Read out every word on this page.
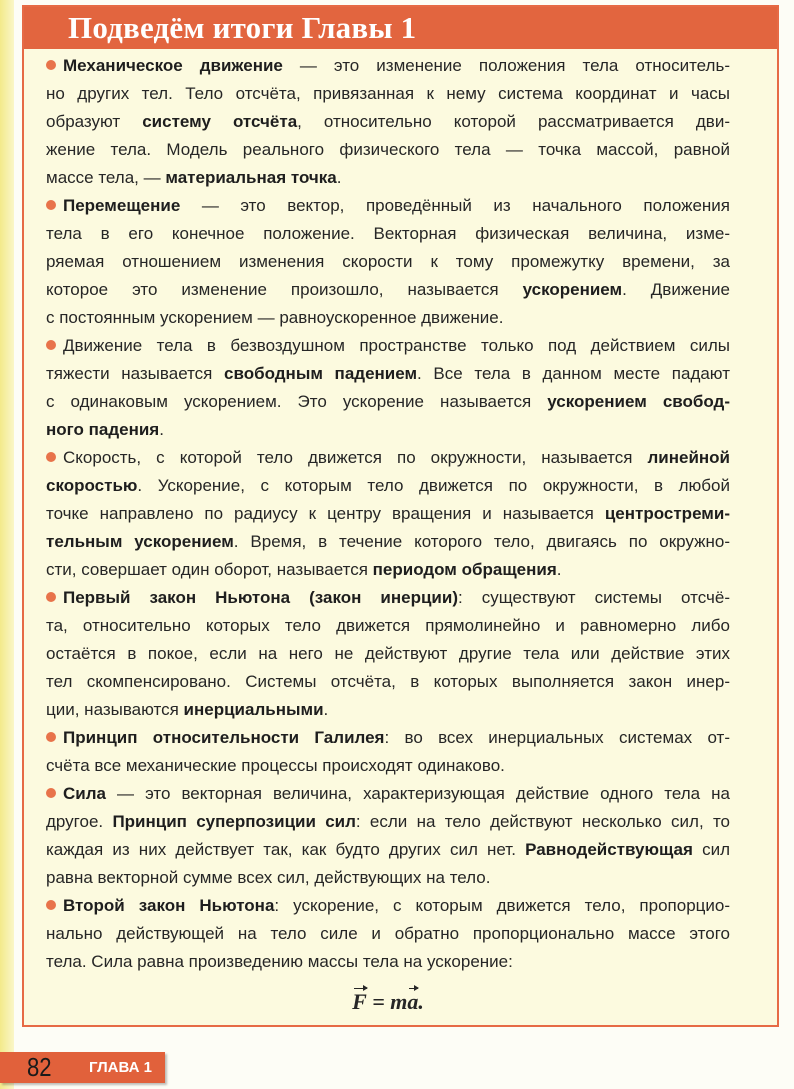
Подведём итоги Главы 1
Механическое движение — это изменение положения тела относитель-
но других тел. Тело отсчёта, привязанная к нему система координат и часы
образуют систему отсчёта, относительно которой рассматривается дви-
жение тела. Модель реального физического тела — точка массой, равной
массе тела, — материальная точка.
Перемещение — это вектор, проведённый из начального положения
тела в его конечное положение. Векторная физическая величина, изме-
ряемая отношением изменения скорости к тому промежутку времени, за
которое это изменение произошло, называется ускорением. Движение
с постоянным ускорением — равноускоренное движение.
Движение тела в безвоздушном пространстве только под действием силы
тяжести называется свободным падением. Все тела в данном месте падают
с одинаковым ускорением. Это ускорение называется ускорением свобод-
ного падения.
Скорость, с которой тело движется по окружности, называется линейной
скоростью. Ускорение, с которым тело движется по окружности, в любой
точке направлено по радиусу к центру вращения и называется центростреми-
тельным ускорением. Время, в течение которого тело, двигаясь по окружно-
сти, совершает один оборот, называется периодом обращения.
Первый закон Ньютона (закон инерции): существуют системы отсчё-
та, относительно которых тело движется прямолинейно и равномерно либо
остаётся в покое, если на него не действуют другие тела или действие этих
тел скомпенсировано. Системы отсчёта, в которых выполняется закон инер-
ции, называются инерциальными.
Принцип относительности Галилея: во всех инерциальных системах от-
счёта все механические процессы происходят одинаково.
Сила — это векторная величина, характеризующая действие одного тела на
другое. Принцип суперпозиции сил: если на тело действуют несколько сил, то
каждая из них действует так, как будто других сил нет. Равнодействующая сил
равна векторной сумме всех сил, действующих на тело.
Второй закон Ньютона: ускорение, с которым движется тело, пропорцио-
нально действующей на тело силе и обратно пропорционально массе этого
тела. Сила равна произведению массы тела на ускорение:
F = ma.
82 ГЛАВА 1
